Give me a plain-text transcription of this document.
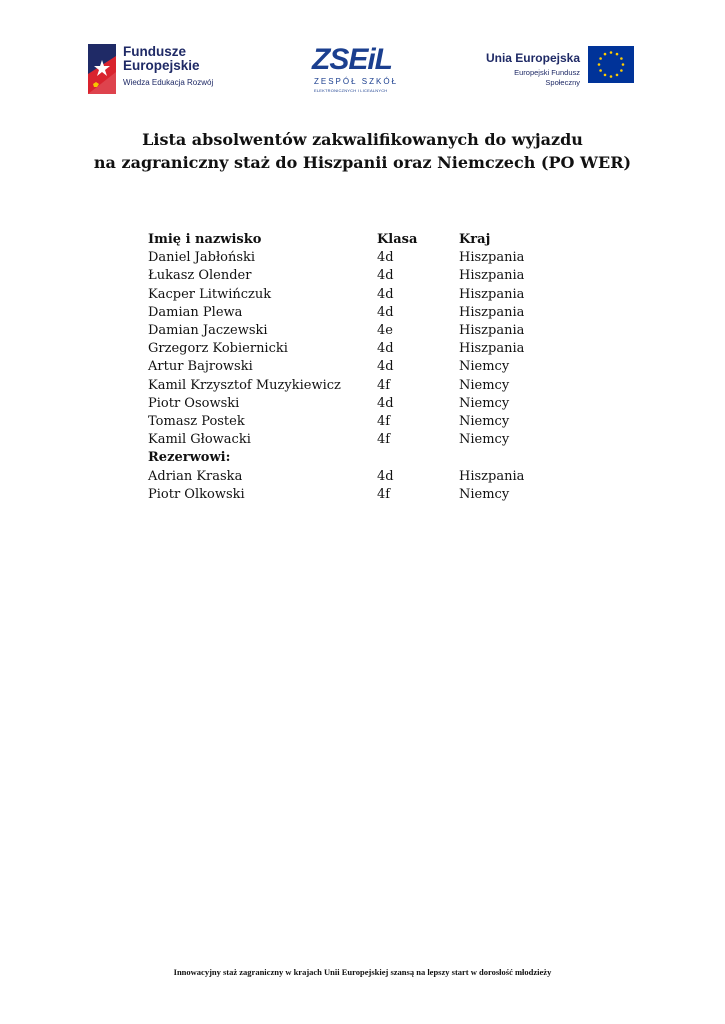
Fundusze
Europejskie
Wiedza Edukacja Rozwój
ZSEiL
ZESPÓŁ SZKÓŁ
ELEKTRONICZNYCH I LICEALNYCH
Unia Europejska
Europejski Fundusz Społeczny
Lista absolwentów zakwalifikowanych do wyjazdu
na zagraniczny staż do Hiszpanii oraz Niemczech (PO WER)
Imię i nazwisko	Klasa	Kraj
Daniel Jabłoński	4d	Hiszpania
Łukasz Olender	4d	Hiszpania
Kacper Litwińczuk	4d	Hiszpania
Damian Plewa	4d	Hiszpania
Damian Jaczewski	4e	Hiszpania
Grzegorz Kobiernicki	4d	Hiszpania
Artur Bajrowski	4d	Niemcy
Kamil Krzysztof Muzykiewicz	4f	Niemcy
Piotr Osowski	4d	Niemcy
Tomasz Postek	4f	Niemcy
Kamil Głowacki	4f	Niemcy
Rezerwowi:		
Adrian Kraska	4d	Hiszpania
Piotr Olkowski	4f	Niemcy
Innowacyjny staż zagraniczny w krajach Unii Europejskiej szansą na lepszy start w dorosłość młodzieży
